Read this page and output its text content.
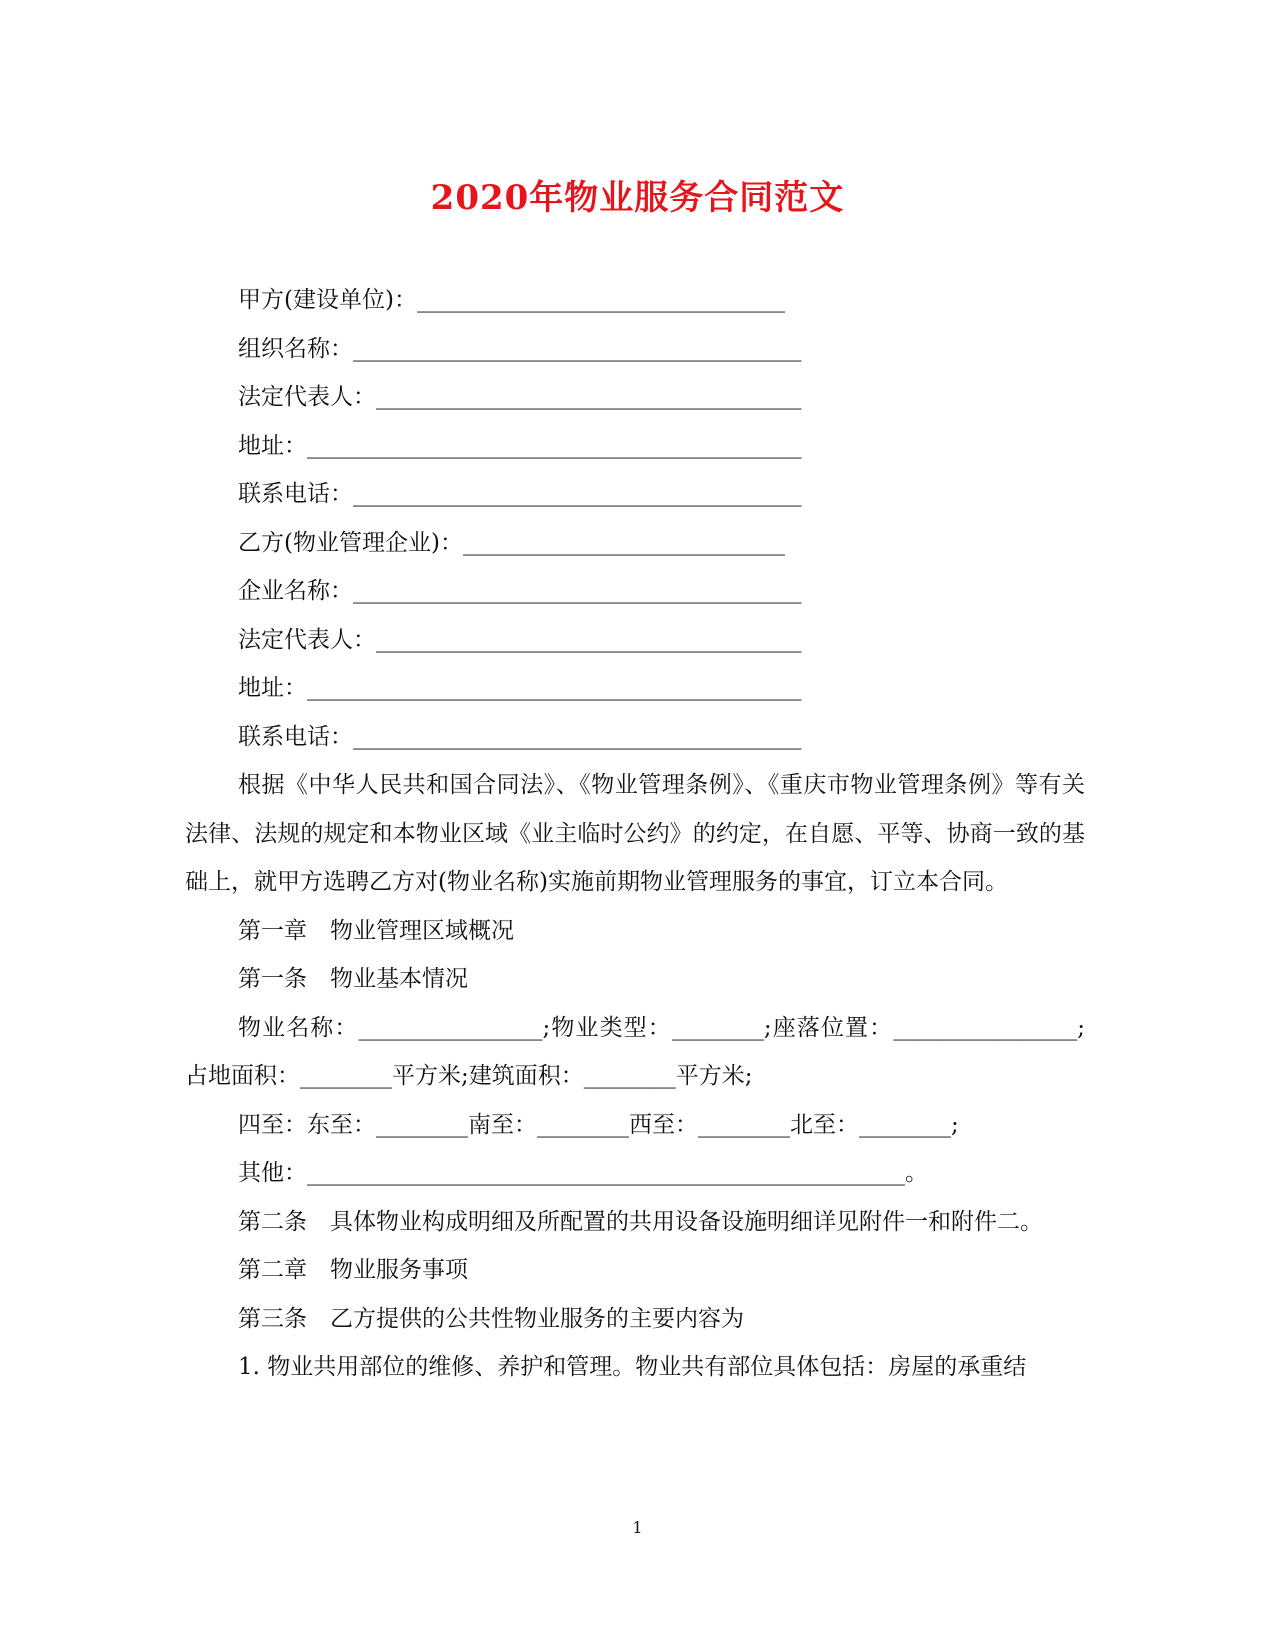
2020年物业服务合同范文
甲方(建设单位)：________________________________
组织名称：_______________________________________
法定代表人：_____________________________________
地址：___________________________________________
联系电话：_______________________________________
乙方(物业管理企业)：____________________________
企业名称：_______________________________________
法定代表人：_____________________________________
地址：___________________________________________
联系电话：_______________________________________
根据《中华人民共和国合同法》、《物业管理条例》、《重庆市物业管理条例》等有关法律、法规的规定和本物业区域《业主临时公约》的约定，在自愿、平等、协商一致的基础上，就甲方选聘乙方对(物业名称)实施前期物业管理服务的事宜，订立本合同。
第一章　物业管理区域概况
第一条　物业基本情况
物业名称：________________;物业类型：________;座落位置：________________;占地面积：________平方米;建筑面积：________平方米;
四至：东至：________南至：________西至：________北至：________;
其他：____________________________________________________。
第二条　具体物业构成明细及所配置的共用设备设施明细详见附件一和附件二。
第二章　物业服务事项
第三条　乙方提供的公共性物业服务的主要内容为
1. 物业共用部位的维修、养护和管理。物业共有部位具体包括：房屋的承重结
1
